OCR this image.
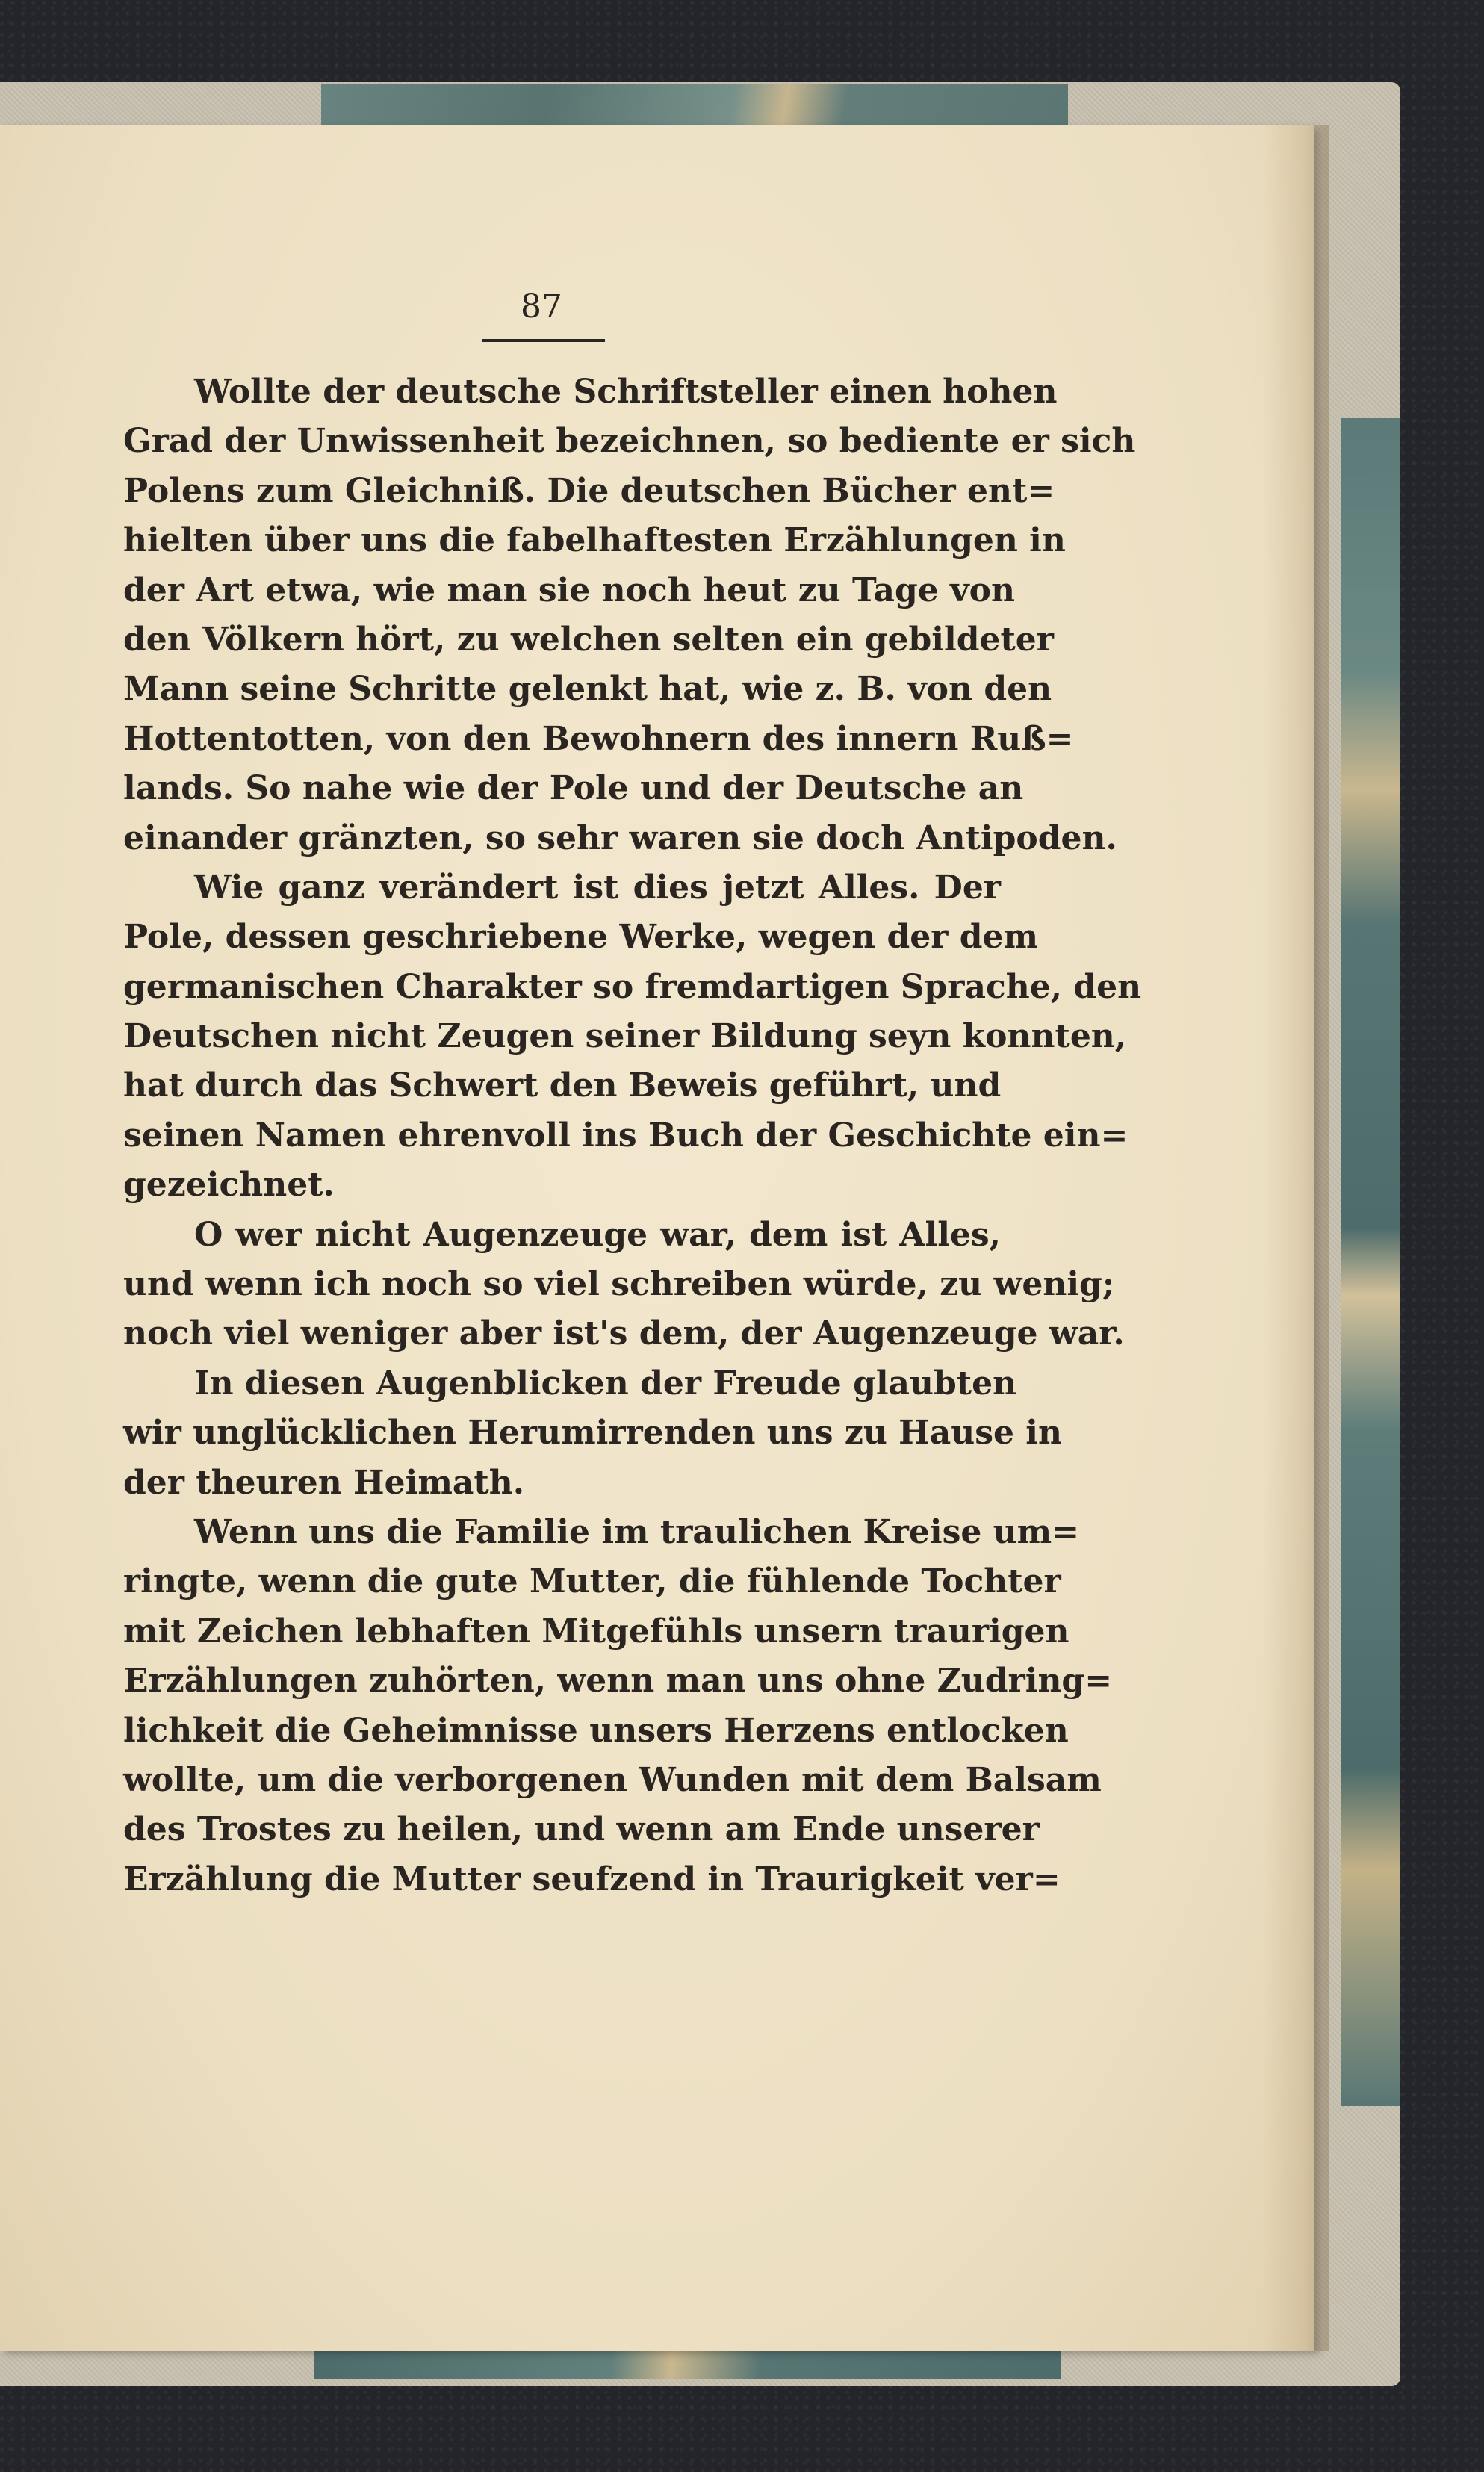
87
Wollte der deutsche Schriftsteller einen hohen
Grad der Unwissenheit bezeichnen, so bediente er sich
Polens zum Gleichniß. Die deutschen Bücher ent=
hielten über uns die fabelhaftesten Erzählungen in
der Art etwa, wie man sie noch heut zu Tage von
den Völkern hört, zu welchen selten ein gebildeter
Mann seine Schritte gelenkt hat, wie z. B. von den
Hottentotten, von den Bewohnern des innern Ruß=
lands. So nahe wie der Pole und der Deutsche an
einander gränzten, so sehr waren sie doch Antipoden.
Wie ganz verändert ist dies jetzt Alles. Der
Pole, dessen geschriebene Werke, wegen der dem
germanischen Charakter so fremdartigen Sprache, den
Deutschen nicht Zeugen seiner Bildung seyn konnten,
hat durch das Schwert den Beweis geführt, und
seinen Namen ehrenvoll ins Buch der Geschichte ein=
gezeichnet.
O wer nicht Augenzeuge war, dem ist Alles,
und wenn ich noch so viel schreiben würde, zu wenig;
noch viel weniger aber ist's dem, der Augenzeuge war.
In diesen Augenblicken der Freude glaubten
wir unglücklichen Herumirrenden uns zu Hause in
der theuren Heimath.
Wenn uns die Familie im traulichen Kreise um=
ringte, wenn die gute Mutter, die fühlende Tochter
mit Zeichen lebhaften Mitgefühls unsern traurigen
Erzählungen zuhörten, wenn man uns ohne Zudring=
lichkeit die Geheimnisse unsers Herzens entlocken
wollte, um die verborgenen Wunden mit dem Balsam
des Trostes zu heilen, und wenn am Ende unserer
Erzählung die Mutter seufzend in Traurigkeit ver=
